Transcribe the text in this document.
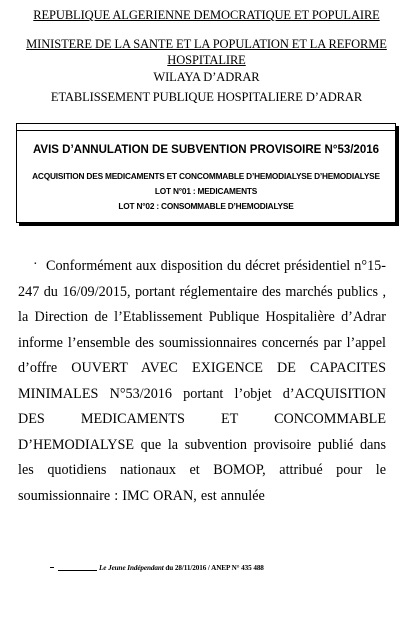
REPUBLIQUE ALGERIENNE DEMOCRATIQUE ET POPULAIRE
MINISTERE DE LA SANTE ET LA POPULATION ET LA REFORME
HOSPITALIRE
WILAYA D’ADRAR
ETABLISSEMENT PUBLIQUE HOSPITALIERE D’ADRAR
AVIS D’ANNULATION DE SUBVENTION PROVISOIRE N°53/2016
ACQUISITION DES MEDICAMENTS ET CONCOMMABLE D’HEMODIALYSE D’HEMODIALYSE
LOT N°01 : MEDICAMENTS
LOT N°02 : CONSOMMABLE D’HEMODIALYSE
· Conformément aux disposition du décret présidentiel n°15-247 du 16/09/2015, portant réglementaire des marchés publics , la Direction de l’Etablissement Publique Hospitalière d’Adrar informe l’ensemble des soumissionnaires concernés par l’appel d’offre OUVERT AVEC EXIGENCE DE CAPACITES MINIMALES N°53/2016 portant l’objet d’ACQUISITION DES MEDICAMENTS ET CONCOMMABLE D’HEMODIALYSE que la subvention provisoire publié dans les quotidiens nationaux et BOMOP, attribué pour le soumissionnaire : IMC ORAN, est annulée
Le Jeune Indépendant du 28/11/2016 / ANEP N° 435 488
